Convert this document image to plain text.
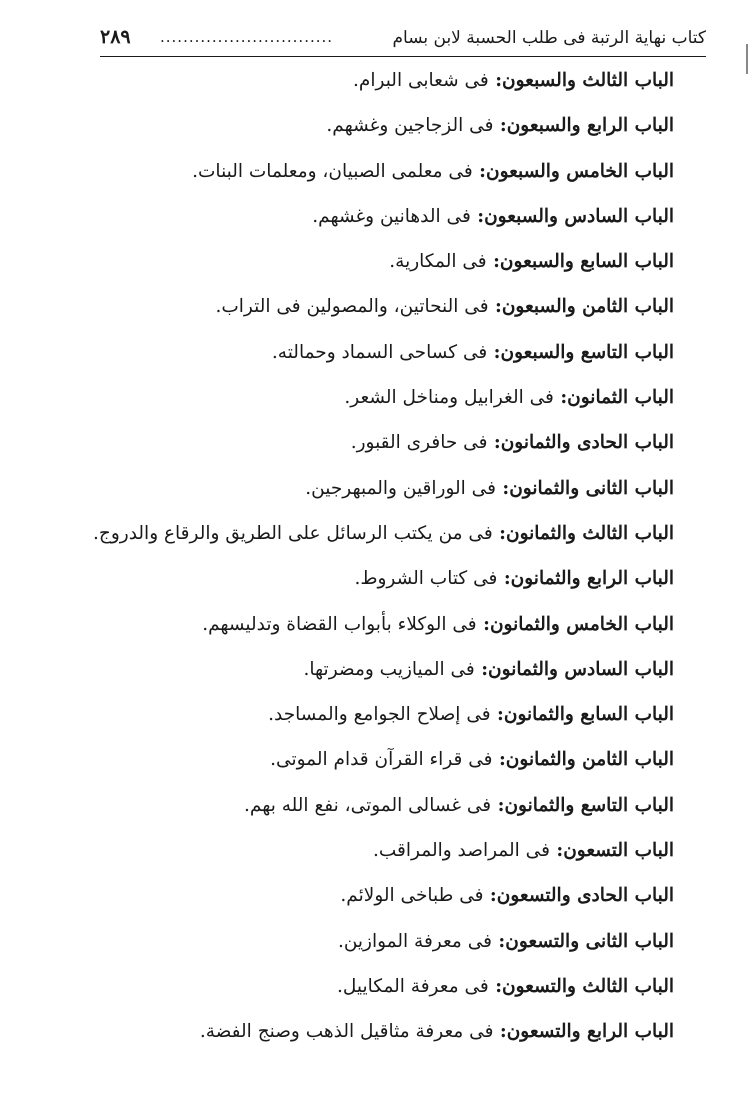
كتاب نهاية الرتبة فى طلب الحسبة لابن بسام
..............................
٢٨٩
الباب الثالث والسبعون: فى شعابى البرام.
الباب الرابع والسبعون: فى الزجاجين وغشهم.
الباب الخامس والسبعون: فى معلمى الصبيان، ومعلمات البنات.
الباب السادس والسبعون: فى الدهانين وغشهم.
الباب السابع والسبعون: فى المكارية.
الباب الثامن والسبعون: فى النحاتين، والمصولين فى التراب.
الباب التاسع والسبعون: فى كساحى السماد وحمالته.
الباب الثمانون: فى الغرابيل ومناخل الشعر.
الباب الحادى والثمانون: فى حافرى القبور.
الباب الثانى والثمانون: فى الوراقين والمبهرجين.
الباب الثالث والثمانون: فى من يكتب الرسائل على الطريق والرقاع والدروج.
الباب الرابع والثمانون: فى كتاب الشروط.
الباب الخامس والثمانون: فى الوكلاء بأبواب القضاة وتدليسهم.
الباب السادس والثمانون: فى الميازيب ومضرتها.
الباب السابع والثمانون: فى إصلاح الجوامع والمساجد.
الباب الثامن والثمانون: فى قراء القرآن قدام الموتى.
الباب التاسع والثمانون: فى غسالى الموتى، نفع الله بهم.
الباب التسعون: فى المراصد والمراقب.
الباب الحادى والتسعون: فى طباخى الولائم.
الباب الثانى والتسعون: فى معرفة الموازين.
الباب الثالث والتسعون: فى معرفة المكاييل.
الباب الرابع والتسعون: فى معرفة مثاقيل الذهب وصنج الفضة.
